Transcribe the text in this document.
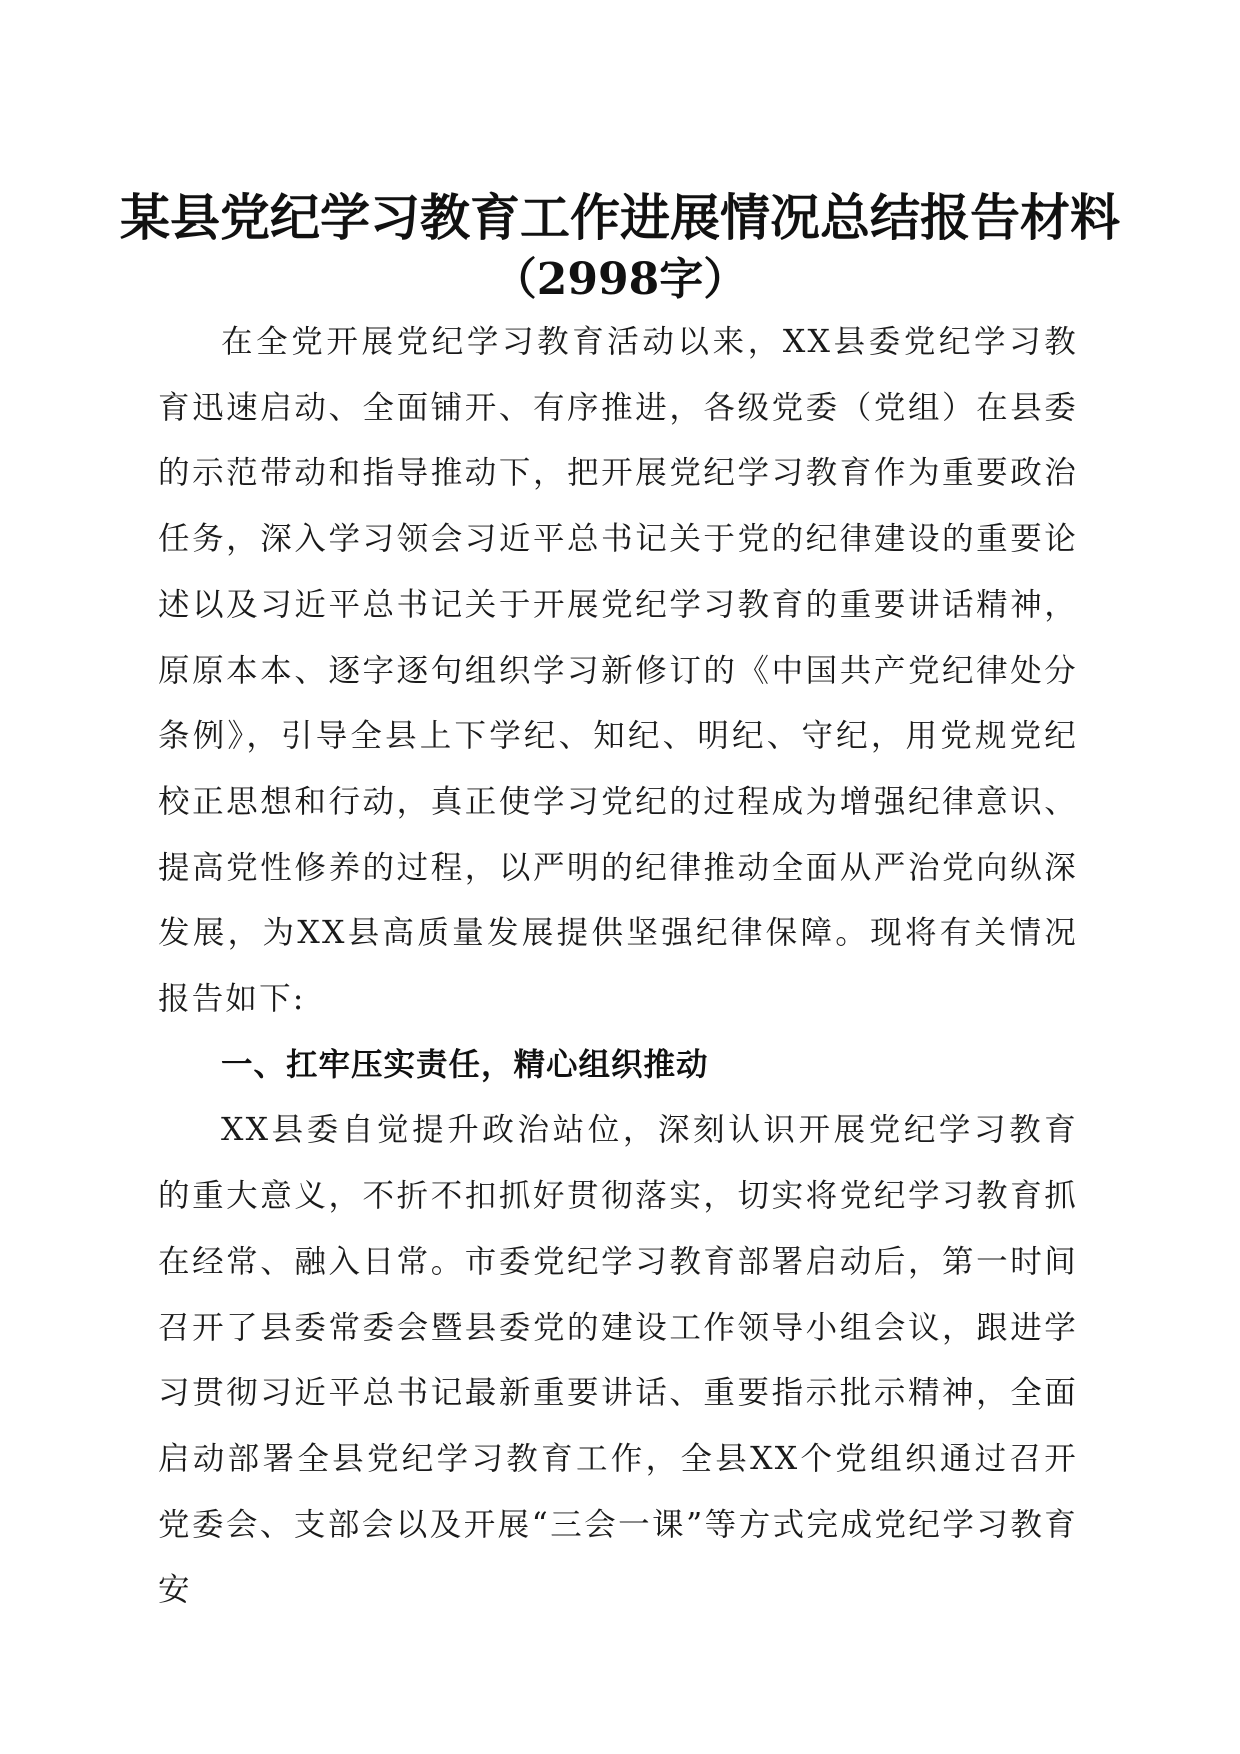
某县党纪学习教育工作进展情况总结报告材料
（2998字）

在全党开展党纪学习教育活动以来，XX县委党纪学习教育迅速启动、全面铺开、有序推进，各级党委（党组）在县委的示范带动和指导推动下，把开展党纪学习教育作为重要政治任务，深入学习领会习近平总书记关于党的纪律建设的重要论述以及习近平总书记关于开展党纪学习教育的重要讲话精神，原原本本、逐字逐句组织学习新修订的《中国共产党纪律处分条例》，引导全县上下学纪、知纪、明纪、守纪，用党规党纪校正思想和行动，真正使学习党纪的过程成为增强纪律意识、提高党性修养的过程，以严明的纪律推动全面从严治党向纵深发展，为XX县高质量发展提供坚强纪律保障。现将有关情况报告如下:

一、扛牢压实责任，精心组织推动

XX县委自觉提升政治站位，深刻认识开展党纪学习教育的重大意义，不折不扣抓好贯彻落实，切实将党纪学习教育抓在经常、融入日常。市委党纪学习教育部署启动后，第一时间召开了县委常委会暨县委党的建设工作领导小组会议，跟进学习贯彻习近平总书记最新重要讲话、重要指示批示精神，全面启动部署全县党纪学习教育工作，全县XX个党组织通过召开党委会、支部会以及开展“三会一课”等方式完成党纪学习教育安
